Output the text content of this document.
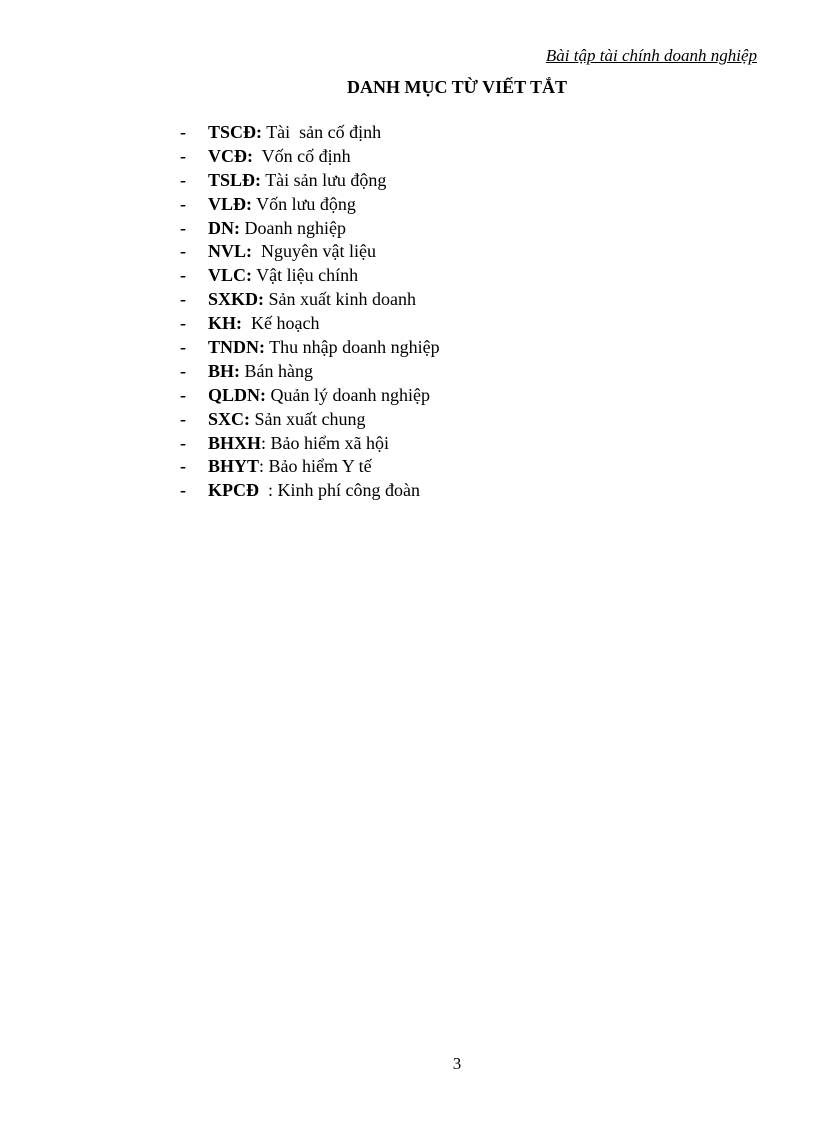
Bài tập tài chính doanh nghiệp
DANH MỤC TỪ VIẾT TẮT
- TSCĐ: Tài  sản cố định
- VCĐ:  Vốn cố định
- TSLĐ: Tài sản lưu động
- VLĐ: Vốn lưu động
- DN: Doanh nghiệp
- NVL:  Nguyên vật liệu
- VLC: Vật liệu chính
- SXKD: Sản xuất kinh doanh
- KH:  Kế hoạch
- TNDN: Thu nhập doanh nghiệp
- BH: Bán hàng
- QLDN: Quản lý doanh nghiệp
- SXC: Sản xuất chung
- BHXH: Bảo hiểm xã hội
- BHYT: Bảo hiểm Y tế
- KPCĐ  : Kinh phí công đoàn
3
